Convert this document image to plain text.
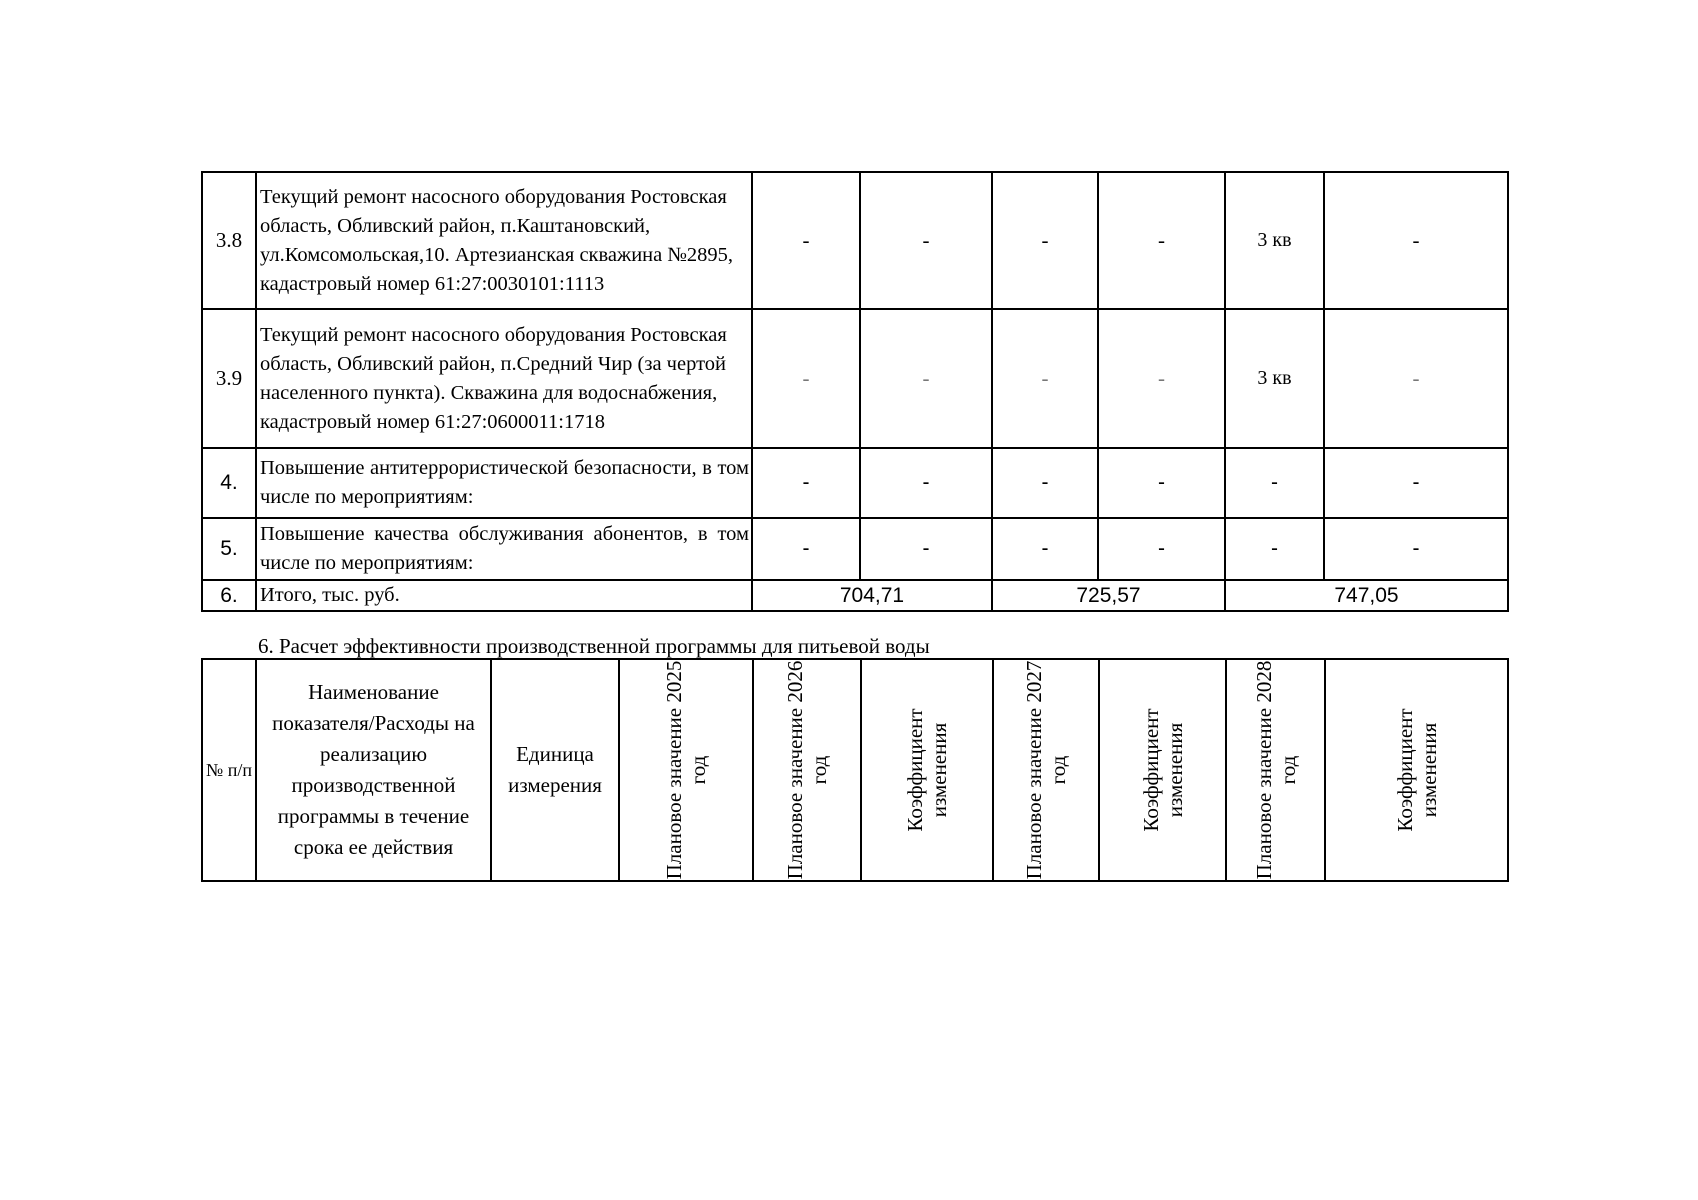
3.8	Текущий ремонт насосного оборудования Ростовская область, Обливский район, п.Каштановский, ул.Комсомольская,10. Артезианская скважина №2895, кадастровый номер 61:27:0030101:1113	-	-	-	-	3 кв	-
3.9	Текущий ремонт насосного оборудования Ростовская область, Обливский район, п.Средний Чир (за чертой населенного пункта). Скважина для водоснабжения, кадастровый номер 61:27:0600011:1718	-	-	-	-	3 кв	-
4.	Повышение антитеррористической безопасности, в том числе по мероприятиям:	-	-	-	-	-	-
5.	Повышение качества обслуживания абонентов, в том числе по мероприятиям:	-	-	-	-	-	-
6.	Итого, тыс. руб.	704,71		725,57		747,05	
6. Расчет эффективности производственной программы для питьевой воды
№ п/п	Наименование показателя/Расходы на реализацию производственной программы в течение срока ее действия	Единица измерения	Плановое значение 2025 год	Плановое значение 2026 год	Коэффициент изменения	Плановое значение 2027 год	Коэффициент изменения	Плановое значение 2028 год	Коэффициент изменения
